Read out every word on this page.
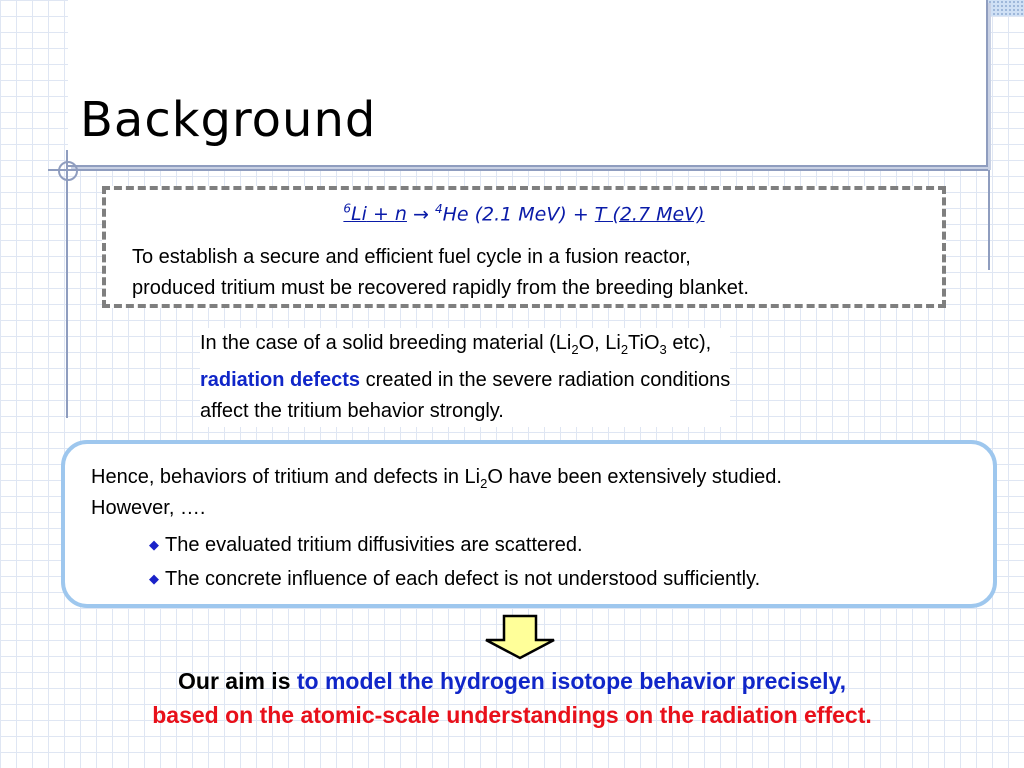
Background
$^6$Li + n → $^4$He (2.1 MeV) + T (2.7 MeV)

To establish a secure and efficient fuel cycle in a fusion reactor,
produced tritium must be recovered rapidly from the breeding blanket.

In the case of a solid breeding material ($Li_2O$, $Li_2TiO_3$ etc),
radiation defects created in the severe radiation conditions
affect the tritium behavior strongly.

Hence, behaviors of tritium and defects in $Li_2O$ have been extensively studied.
However, ….
◆ The evaluated tritium diffusivities are scattered.
◆ The concrete influence of each defect is not understood sufficiently.
Our aim is to model the hydrogen isotope behavior precisely,
based on the atomic-scale understandings on the radiation effect.
